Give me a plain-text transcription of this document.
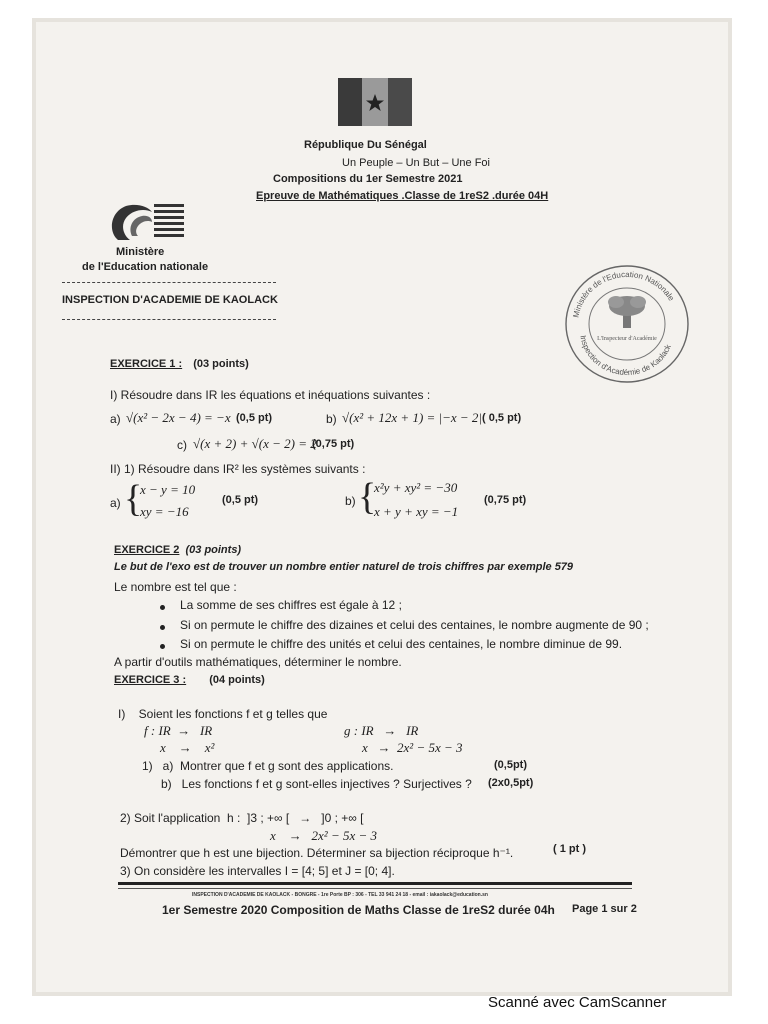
République Du Sénégal
Un Peuple – Un But – Une Foi
Compositions du 1er Semestre 2021
Epreuve de Mathématiques .Classe de 1reS2 .durée 04H
Ministère
de l'Education nationale
INSPECTION D'ACADEMIE DE KAOLACK
Ministère de l'Education Nationale
Inspection d'Académie de Kaolack
L'Inspecteur d'Académie
EXERCICE 1 : (03 points)
I) Résoudre dans IR les équations et inéquations suivantes :
a) √(x² − 2x − 4) = −x (0,5 pt)	b) √(x² + 12x + 1) = |−x − 2| ( 0,5 pt)
c) √(x + 2) + √(x − 2) = 2
(0,75 pt)
II) 1) Résoudre dans IR² les systèmes suivants :
a) {
x − y = 10
xy = −16
(0,5 pt)	b) {
x²y + xy² = −30
x + y + xy = −1
(0,75 pt)
EXERCICE 2 (03 points)
Le but de l'exo est de trouver un nombre entier naturel de trois chiffres par exemple 579
Le nombre est tel que :
La somme de ses chiffres est égale à 12 ;
Si on permute le chiffre des dizaines et celui des centaines, le nombre augmente de 90 ;
Si on permute le chiffre des unités et celui des centaines, le nombre diminue de 99.
A partir d'outils mathématiques, déterminer le nombre.
EXERCICE 3 : (04 points)
I)    Soient les fonctions f et g telles que
f : IR  →   IR
x    →    x²
g : IR   →   IR
x   →  2x² − 5x − 3
1)   a)  Montrer que f et g sont des applications.	(0,5pt)
b)   Les fonctions f et g sont-elles injectives ? Surjectives ? (2x0,5pt)
2) Soit l'application  h :  ]3 ; +∞ [   →   ]0 ; +∞ [
x    →   2x² − 5x − 3
Démontrer que h est une bijection. Déterminer sa bijection réciproque h⁻¹.	( 1 pt )
3) On considère les intervalles I = [4; 5] et J = [0; 4].
INSPECTION D'ACADEMIE DE KAOLACK - BONGRE - 1re Porte BP : 306 - TEL 33 941 24 18 - email : iakaolack@education.sn
1er Semestre 2020 Composition de Maths Classe de 1reS2 durée 04h Page 1 sur 2
Scanné avec CamScanner
